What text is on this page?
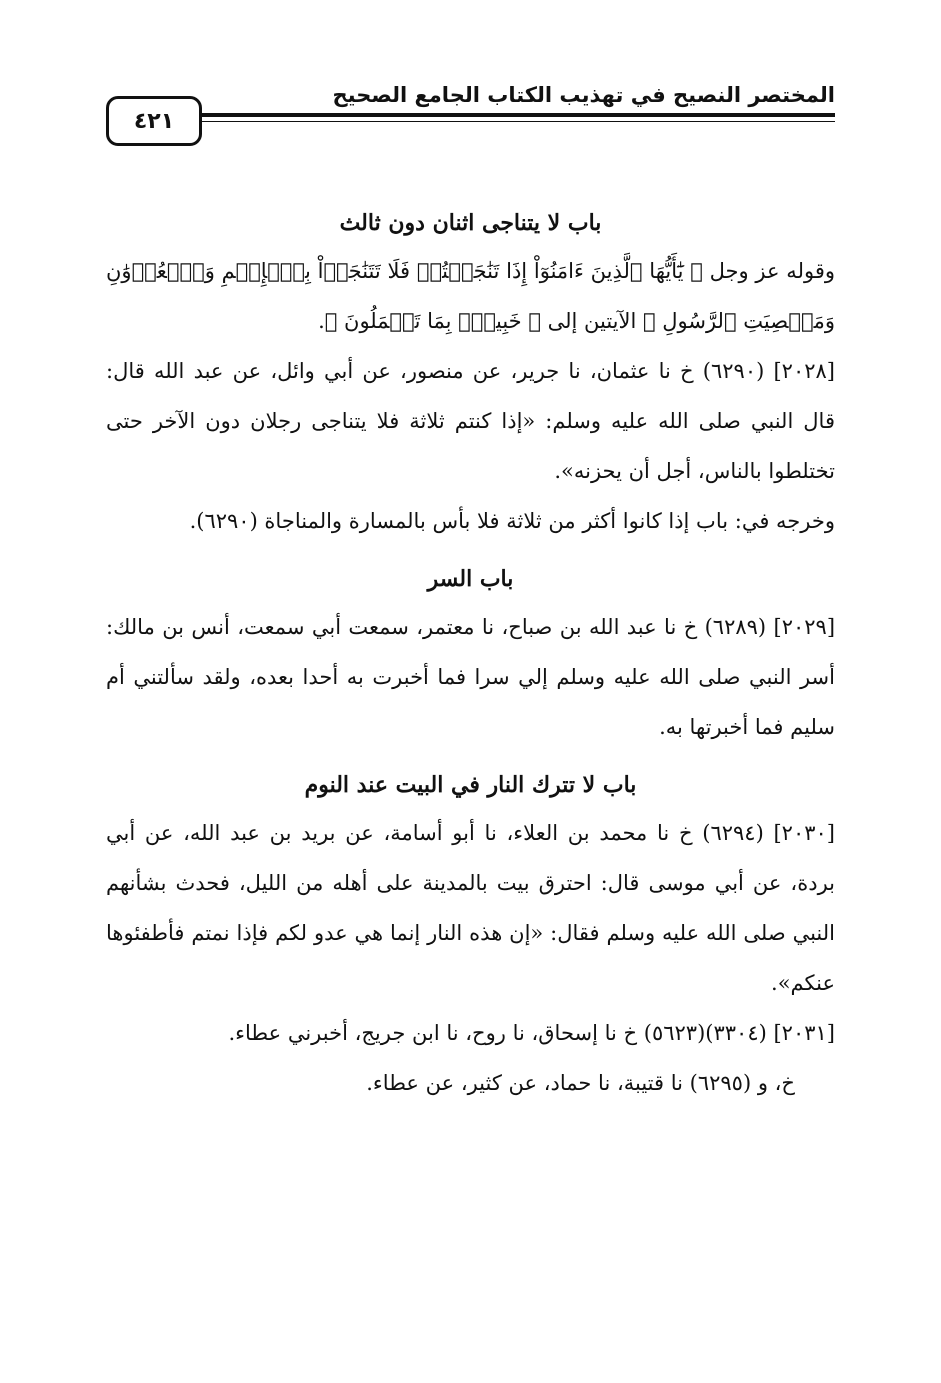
المختصر النصيح في تهذيب الكتاب الجامع الصحيح
٤٢١

باب لا يتناجى اثنان دون ثالث

وقوله عز وجل ﴿ يَٰٓأَيُّهَا ٱلَّذِينَ ءَامَنُوٓاْ إِذَا تَنَٰجَيۡتُمۡ فَلَا تَتَنَٰجَوۡاْ بِٱلۡإِثۡمِ وَٱلۡعُدۡوَٰنِ وَمَعۡصِيَتِ ٱلرَّسُولِ ﴾ الآيتين إلى ﴿ خَبِيرُۢ بِمَا تَعۡمَلُونَ ﴾.

[٢٠٢٨] (٦٢٩٠) خ نا عثمان، نا جرير، عن منصور، عن أبي وائل، عن عبد الله قال: قال النبي صلى الله عليه وسلم: «إذا كنتم ثلاثة فلا يتناجى رجلان دون الآخر حتى تختلطوا بالناس، أجل أن يحزنه».

وخرجه في: باب إذا كانوا أكثر من ثلاثة فلا بأس بالمسارة والمناجاة (٦٢٩٠).

باب السر

[٢٠٢٩] (٦٢٨٩) خ نا عبد الله بن صباح، نا معتمر، سمعت أبي سمعت، أنس بن مالك: أسر النبي صلى الله عليه وسلم إلي سرا فما أخبرت به أحدا بعده، ولقد سألتني أم سليم فما أخبرتها به.

باب لا تترك النار في البيت عند النوم

[٢٠٣٠] (٦٢٩٤) خ نا محمد بن العلاء، نا أبو أسامة، عن بريد بن عبد الله، عن أبي بردة، عن أبي موسى قال: احترق بيت بالمدينة على أهله من الليل، فحدث بشأنهم النبي صلى الله عليه وسلم فقال: «إن هذه النار إنما هي عدو لكم فإذا نمتم فأطفئوها عنكم».

[٢٠٣١] (٣٣٠٤)(٥٦٢٣) خ نا إسحاق، نا روح، نا ابن جريج، أخبرني عطاء.

خ، و (٦٢٩٥) نا قتيبة، نا حماد، عن كثير، عن عطاء.
